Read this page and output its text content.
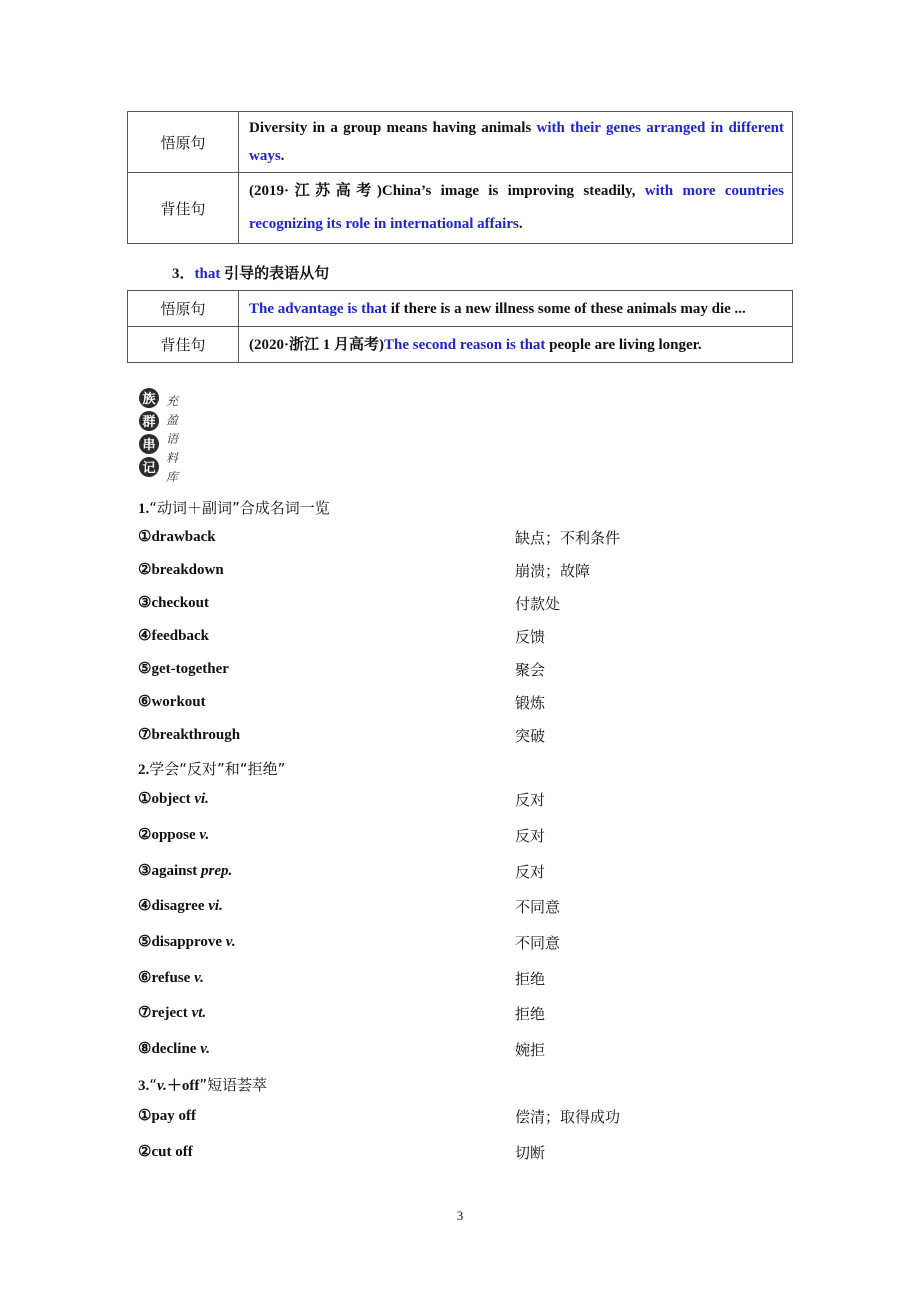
悟原句	Diversity in a group means having animals with their genes arranged in different ways.
背佳句	(2019·江苏高考)China’s image is improving steadily, with more countries recognizing its role in international affairs.
3．that 引导的表语从句
悟原句	The advantage is that if there is a new illness some of these animals may die ...
背佳句	(2020·浙江 1 月高考)The second reason is that people are living longer.
族
群
串
记
充
盈
语
料
库
1.“动词＋副词”合成名词一览
①drawback	缺点；不利条件
②breakdown	崩溃；故障
③checkout	付款处
④feedback	反馈
⑤get-together	聚会
⑥workout	锻炼
⑦breakthrough	突破
2.学会“反对”和“拒绝”
①object vi.	反对
②oppose v.	反对
③against prep.	反对
④disagree vi.	不同意
⑤disapprove v.	不同意
⑥refuse v.	拒绝
⑦reject vt.	拒绝
⑧decline v.	婉拒
3.“v.＋off”短语荟萃
①pay off	偿清；取得成功
②cut off	切断
3
